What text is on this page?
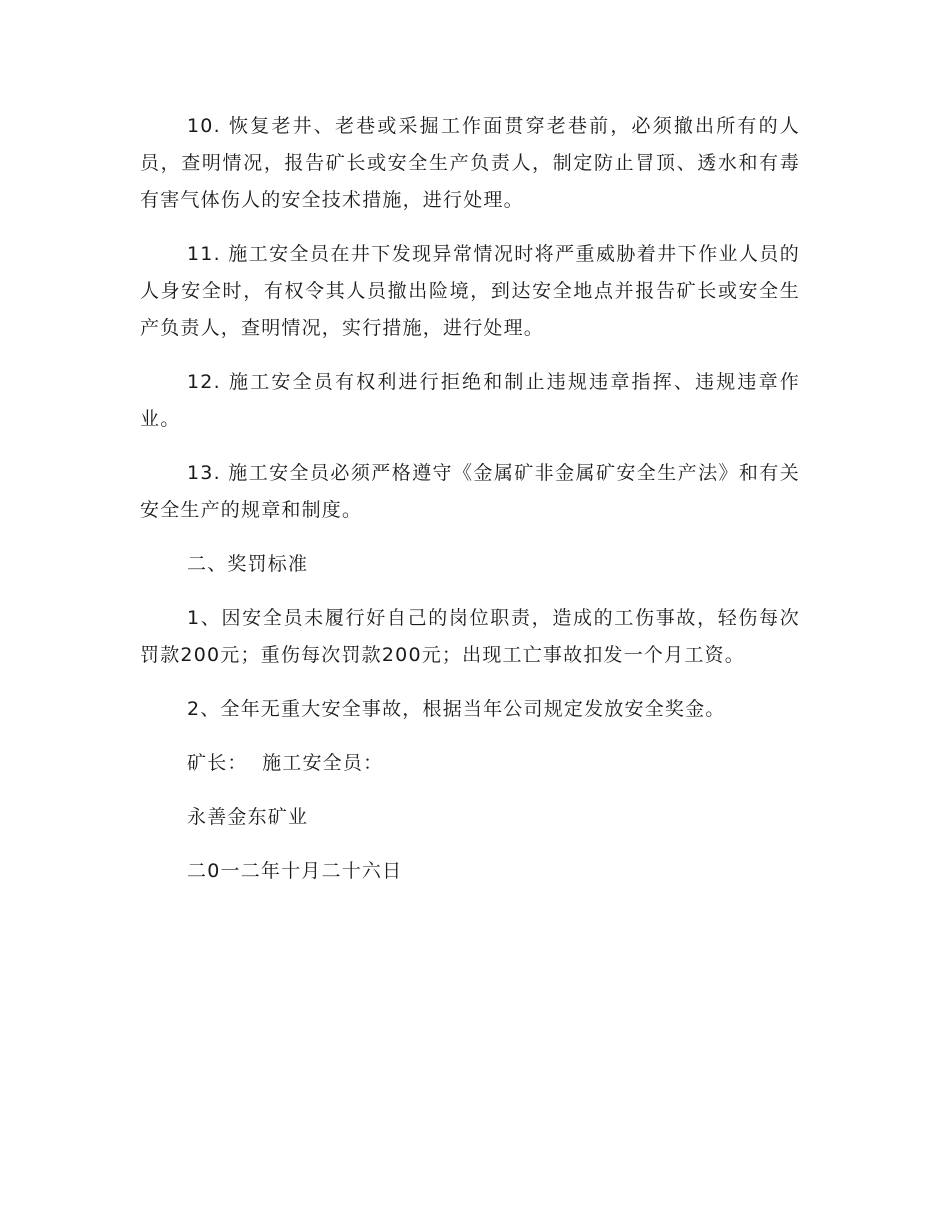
10. 恢复老井、老巷或采掘工作面贯穿老巷前，必须撤出所有的人员，查明情况，报告矿长或安全生产负责人，制定防止冒顶、透水和有毒有害气体伤人的安全技术措施，进行处理。

11. 施工安全员在井下发现异常情况时将严重威胁着井下作业人员的人身安全时，有权令其人员撤出险境，到达安全地点并报告矿长或安全生产负责人，查明情况，实行措施，进行处理。

12. 施工安全员有权利进行拒绝和制止违规违章指挥、违规违章作业。

13. 施工安全员必须严格遵守《金属矿非金属矿安全生产法》和有关安全生产的规章和制度。

二、奖罚标准

1、因安全员未履行好自己的岗位职责，造成的工伤事故，轻伤每次罚款200元；重伤每次罚款200元；出现工亡事故扣发一个月工资。

2、全年无重大安全事故，根据当年公司规定发放安全奖金。

矿长：  施工安全员：

永善金东矿业

二0一二年十月二十六日
